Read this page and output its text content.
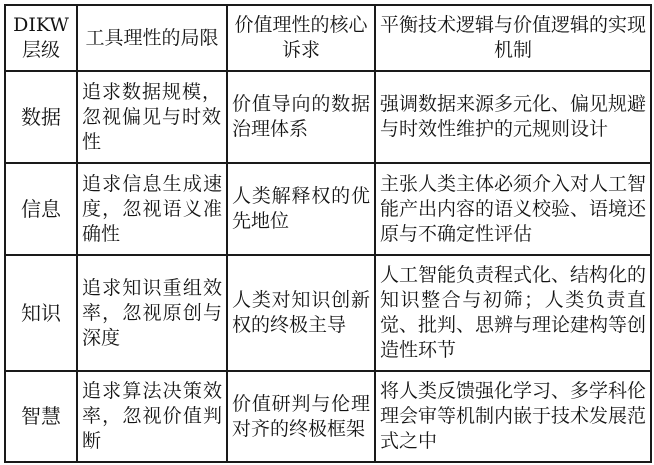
DIKW 层级	工具理性的局限	价值理性的核心诉求	平衡技术逻辑与价值逻辑的实现机制
数据	追求数据规模，忽视偏见与时效性	价值导向的数据治理体系	强调数据来源多元化、偏见规避与时效性维护的元规则设计
信息	追求信息生成速度，忽视语义准确性	人类解释权的优先地位	主张人类主体必须介入对人工智能产出内容的语义校验、语境还原与不确定性评估
知识	追求知识重组效率，忽视原创与深度	人类对知识创新权的终极主导	人工智能负责程式化、结构化的知识整合与初筛；人类负责直觉、批判、思辨与理论建构等创造性环节
智慧	追求算法决策效率，忽视价值判断	价值研判与伦理对齐的终极框架	将人类反馈强化学习、多学科伦理会审等机制内嵌于技术发展范式之中
